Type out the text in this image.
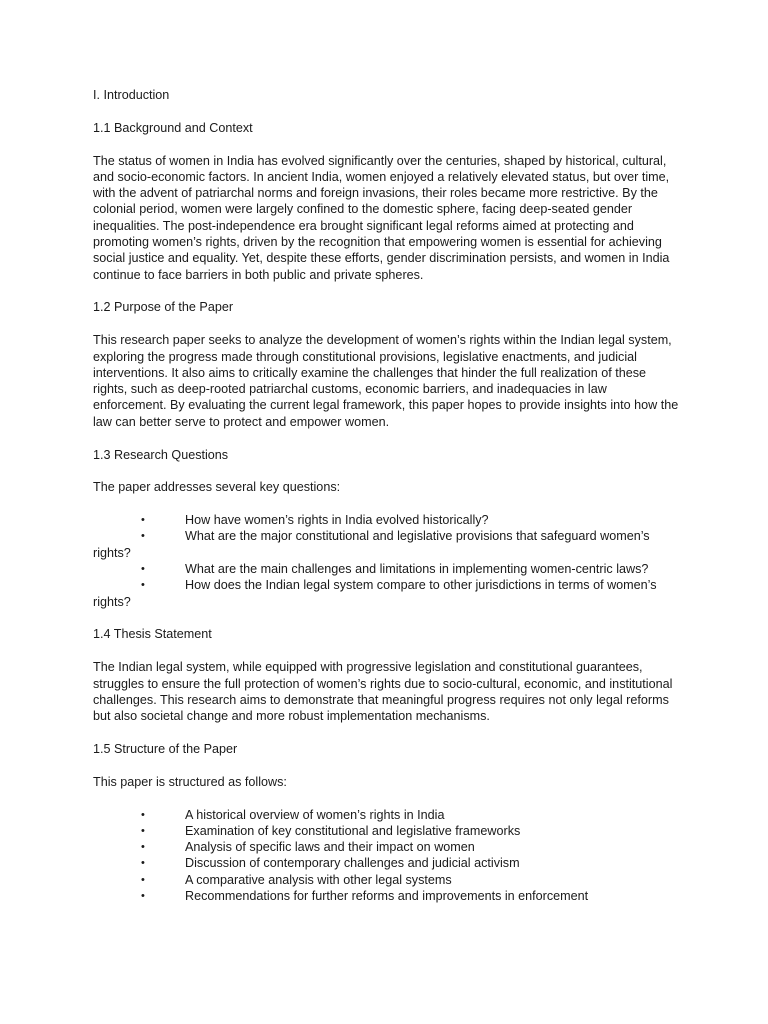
I. Introduction

1.1 Background and Context

The status of women in India has evolved significantly over the centuries, shaped by historical, cultural, and socio-economic factors. In ancient India, women enjoyed a relatively elevated status, but over time, with the advent of patriarchal norms and foreign invasions, their roles became more restrictive. By the colonial period, women were largely confined to the domestic sphere, facing deep-seated gender inequalities. The post-independence era brought significant legal reforms aimed at protecting and promoting women’s rights, driven by the recognition that empowering women is essential for achieving social justice and equality. Yet, despite these efforts, gender discrimination persists, and women in India continue to face barriers in both public and private spheres.

1.2 Purpose of the Paper

This research paper seeks to analyze the development of women’s rights within the Indian legal system, exploring the progress made through constitutional provisions, legislative enactments, and judicial interventions. It also aims to critically examine the challenges that hinder the full realization of these rights, such as deep-rooted patriarchal customs, economic barriers, and inadequacies in law enforcement. By evaluating the current legal framework, this paper hopes to provide insights into how the law can better serve to protect and empower women.

1.3 Research Questions

The paper addresses several key questions:

•	How have women’s rights in India evolved historically?
•	What are the major constitutional and legislative provisions that safeguard women’s rights?
•	What are the main challenges and limitations in implementing women-centric laws?
•	How does the Indian legal system compare to other jurisdictions in terms of women’s rights?

1.4 Thesis Statement

The Indian legal system, while equipped with progressive legislation and constitutional guarantees, struggles to ensure the full protection of women’s rights due to socio-cultural, economic, and institutional challenges. This research aims to demonstrate that meaningful progress requires not only legal reforms but also societal change and more robust implementation mechanisms.

1.5 Structure of the Paper

This paper is structured as follows:

•	A historical overview of women’s rights in India
•	Examination of key constitutional and legislative frameworks
•	Analysis of specific laws and their impact on women
•	Discussion of contemporary challenges and judicial activism
•	A comparative analysis with other legal systems
•	Recommendations for further reforms and improvements in enforcement
